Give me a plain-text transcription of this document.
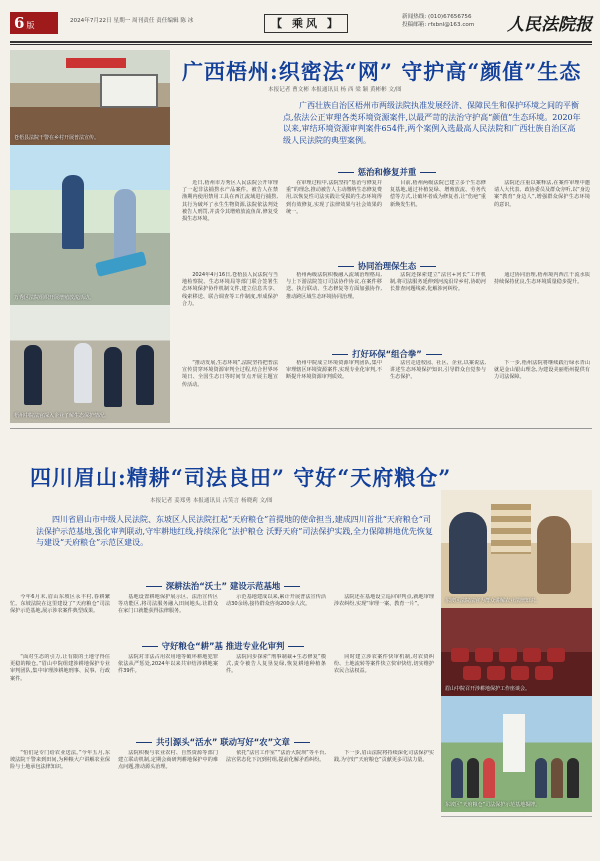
6 版	2024年7月22日 星期一 周刊责任 责任编辑 陈 冰	【 乘风 】	新闻热线: (010)67656756
投稿邮箱: rfxbnl@163.com 人民法院报
苍梧县法院干警在乡村开展普法宣传。
万秀区法院组织开展增殖放流活动。
梧州中院法官深入企业了解生态保护情况。
广西梧州:织密法“网” 守护高“颜值”生态
本报记者 曹文彬 本报通讯员 杨 西 梁 颖 黄彬彬 文/图
广西壮族自治区梧州市两级法院执准发展经济、保障民生和保护环境之间的平衡点,依法公正审理各类环境资源案件,以最严苛的法治守护高“颜值”生态环境。2020年以来,审结环境资源审判案件654件,两个案例入选最高人民法院和广西壮族自治区高级人民法院的典型案例。
惩治和修复并重

近日,梧州市万秀区人民法院公开审理了一起非法捕捞水产品案件。被告人在禁渔期内使用禁用工具在西江流域进行捕捞,其行为破坏了水生生物资源,法院依法判处被告人刑罚,并责令其增殖放流鱼苗,修复受损生态环境。

在审理过程中,法院坚持“惩治与修复并重”的理念,推动被告人主动缴纳生态修复费用,以恢复性司法实践让受损的生态环境得到有效修复,实现了法律效果与社会效果的统一。

目前,梧州两级法院已建立多个生态修复基地,通过补植复绿、增殖放流、劳务代偿等方式,让破坏者成为修复者,让“伤疤”重新焕发生机。

法院还注重以案释法,在案件审理中邀请人大代表、政协委员及群众旁听,以“身边案”教育“身边人”,增强群众保护生态环境的意识。

协同治理保生态

2024年4月16日,苍梧县人民法院与当地检察院、生态环境局等部门联合签署生态环境保护协作机制文件,建立信息共享、线索移送、联合调查等工作制度,形成保护合力。

梧州两级法院积极融入流域治理格局,与上下游法院签订司法协作协议,在案件移送、执行联动、生态修复等方面加强协作,推动跨区域生态环境协同治理。

法院还探索建立“法官+河长”工作机制,将司法服务延伸到河流沿岸乡村,协助河长排查问题线索,化解涉河纠纷。

通过协同治理,梧州境内西江干流水质持续保持优良,生态环境质量稳步提升。

打好环保“组合拳”

“推动发展,生态环境”,法院坚持把普法宣传贯穿环境资源审判全过程,结合世界环境日、全国生态日等时间节点开展主题宣传活动。

梧州中院成立环境资源审判团队,集中审理辖区环境资源案件,实现专业化审判,不断提升环境资源审判质效。

法官走进校园、社区、企业,以案说法,讲述生态环境保护知识,引导群众自觉参与生态保护。

下一步,梧州法院将继续践行绿水青山就是金山银山理念,为建设美丽梧州提供有力司法保障。

四川眉山:精耕“司法良田” 守好“天府粮仓”
本报记者 姜郑勇 本报通讯员 古笑言 杨晓莉 文/图
四川省眉山市中级人民法院、东坡区人民法院扛起“天府粮仓”首提地的使命担当,建成四川首批“天府粮仓“司法保护示范基地,强化审判联动,守牢耕地红线,持续深化“法护粮仓 沃野天府”司法保护实践,全力保障耕地优先恢复与建设“天府粮仓”示范区建设。
深耕法治“沃土” 建设示范基地

今年6月末,眉山东坡区永丰村,春耕繁忙。东坡法院在这里建设了“天府粮仓”司法保护示范基地,展示涉农案件典型成果。

基地设置耕地保护展示区、法治宣传区等功能区,将司法服务融入田间地头,让群众在家门口就能获得法律服务。

示范基地建成以来,累计开展普法宣传活动30余场,接待群众咨询200余人次。

法院还在基地设立巡回审判点,就地审理涉农纠纷,实现“审理一案、教育一片”。

守好粮仓“耕”基 推进专业化审判

“面对生态的引力,让有限的土地守得住更稳的粮仓。”眉山中院组建涉耕地保护专业审判团队,集中审理涉耕地刑事、民事、行政案件。

法院对非法占用农用地等破坏耕地犯罪依法从严惩处,2024年以来共审结涉耕地案件39件。

法院同步探索“刑事制裁+生态修复”模式,责令被告人复垦复绿,恢复耕地种植条件。

同时建立涉农案件快审机制,对农资纠纷、土地流转等案件快立快审快结,切实维护农民合法权益。

共引源头“活水” 联动写好“农”文章

“怕们是专门给农业送法。”今年五月,东坡法院干警来到田间,为种粮大户讲解农业保险与土地承包法律知识。

法院积极与农业农村、自然资源等部门建立联动机制,定期会商研判耕地保护中的难点问题,推动源头治理。

依托“法官工作室”“法治大院坝”等平台,法官常态化下沉到村组,提前化解矛盾纠纷。

下一步,眉山法院将持续深化司法保护实践,为守好“天府粮仓”贡献更多司法力量。

东坡区法院法官为群众讲解农业法律知识。
眉山中院召开涉耕地保护工作座谈会。
东坡区“天府粮仓”司法保护示范基地揭牌。
